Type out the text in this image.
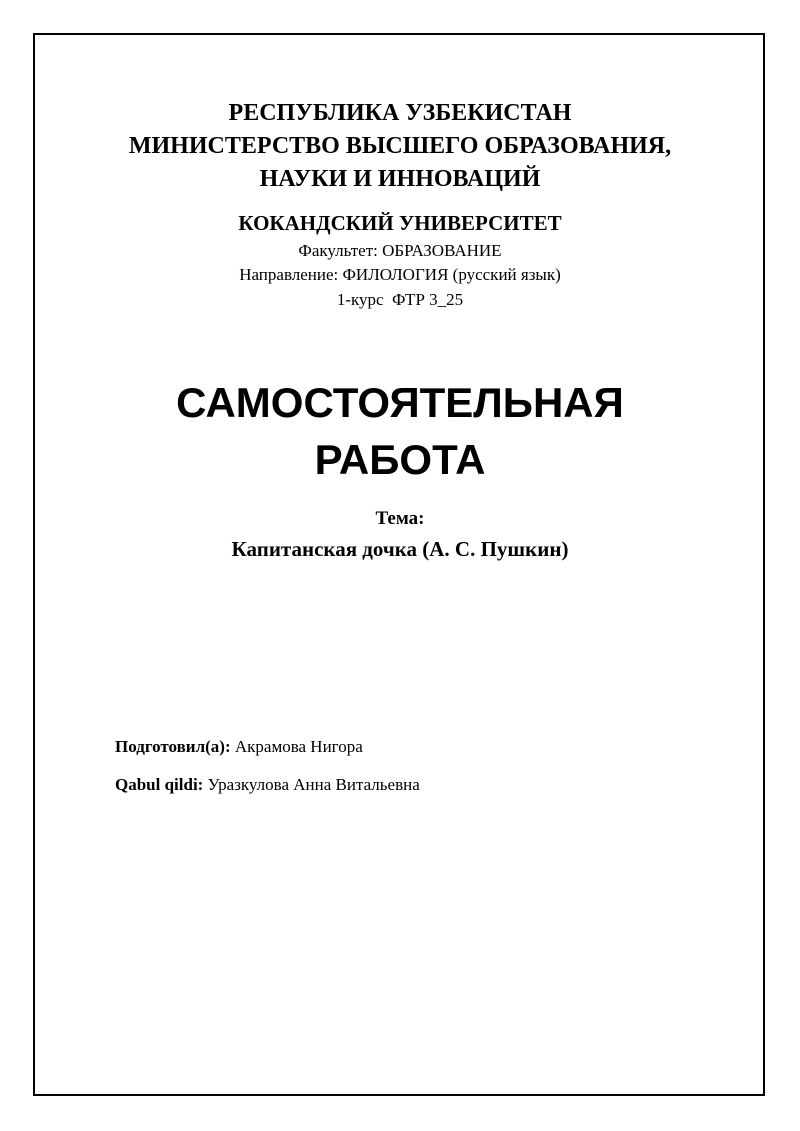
РЕСПУБЛИКА УЗБЕКИСТАН
МИНИСТЕРСТВО ВЫСШЕГО ОБРАЗОВАНИЯ,
НАУКИ И ИННОВАЦИЙ
КОКАНДСКИЙ УНИВЕРСИТЕТ
Факультет: ОБРАЗОВАНИЕ
Направление: ФИЛОЛОГИЯ (русский язык)
1-курс  ФТР 3_25
САМОСТОЯТЕЛЬНАЯ
РАБОТА
Тема:
Капитанская дочка (А. С. Пушкин)
Подготовил(а): Акрамова Нигора
Qabul qildi: Уразкулова Анна Витальевна
